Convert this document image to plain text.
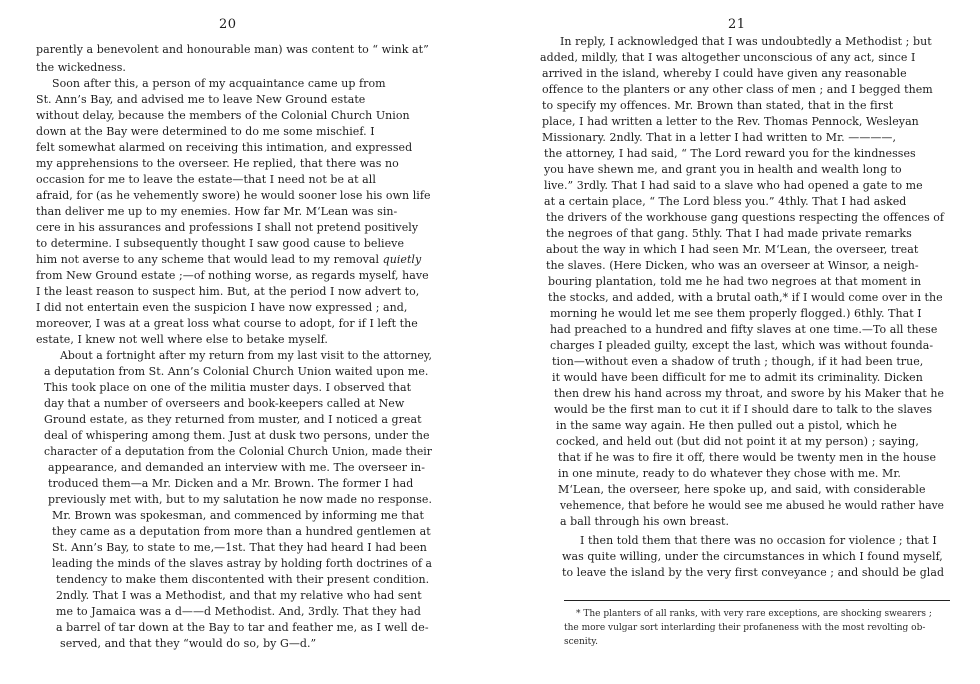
20
parently a benevolent and honourable man) was content to “ wink at”
the wickedness.
Soon after this, a person of my acquaintance came up from
St. Ann’s Bay, and advised me to leave New Ground estate
without delay, because the members of the Colonial Church Union
down at the Bay were determined to do me some mischief. I
felt somewhat alarmed on receiving this intimation, and expressed
my apprehensions to the overseer. He replied, that there was no
occasion for me to leave the estate—that I need not be at all
afraid, for (as he vehemently swore) he would sooner lose his own life
than deliver me up to my enemies. How far Mr. M‘Lean was sin-
cere in his assurances and professions I shall not pretend positively
to determine. I subsequently thought I saw good cause to believe
him not averse to any scheme that would lead to my removal quietly
from New Ground estate ;—of nothing worse, as regards myself, have
I the least reason to suspect him. But, at the period I now advert to,
I did not entertain even the suspicion I have now expressed ; and,
moreover, I was at a great loss what course to adopt, for if I left the
estate, I knew not well where else to betake myself.
About a fortnight after my return from my last visit to the attorney,
a deputation from St. Ann’s Colonial Church Union waited upon me.
This took place on one of the militia muster days. I observed that
day that a number of overseers and book-keepers called at New
Ground estate, as they returned from muster, and I noticed a great
deal of whispering among them. Just at dusk two persons, under the
character of a deputation from the Colonial Church Union, made their
appearance, and demanded an interview with me. The overseer in-
troduced them—a Mr. Dicken and a Mr. Brown. The former I had
previously met with, but to my salutation he now made no response.
Mr. Brown was spokesman, and commenced by informing me that
they came as a deputation from more than a hundred gentlemen at
St. Ann’s Bay, to state to me,—1st. That they had heard I had been
leading the minds of the slaves astray by holding forth doctrines of a
tendency to make them discontented with their present condition.
2ndly. That I was a Methodist, and that my relative who had sent
me to Jamaica was a d——d Methodist. And, 3rdly. That they had
a barrel of tar down at the Bay to tar and feather me, as I well de-
served, and that they “would do so, by G—d.”
21
In reply, I acknowledged that I was undoubtedly a Methodist ; but
added, mildly, that I was altogether unconscious of any act, since I
arrived in the island, whereby I could have given any reasonable
offence to the planters or any other class of men ; and I begged them
to specify my offences. Mr. Brown than stated, that in the first
place, I had written a letter to the Rev. Thomas Pennock, Wesleyan
Missionary. 2ndly. That in a letter I had written to Mr. ————,
the attorney, I had said, “ The Lord reward you for the kindnesses
you have shewn me, and grant you in health and wealth long to
live.” 3rdly. That I had said to a slave who had opened a gate to me
at a certain place, “ The Lord bless you.” 4thly. That I had asked
the drivers of the workhouse gang questions respecting the offences of
the negroes of that gang. 5thly. That I had made private remarks
about the way in which I had seen Mr. M‘Lean, the overseer, treat
the slaves. (Here Dicken, who was an overseer at Winsor, a neigh-
bouring plantation, told me he had two negroes at that moment in
the stocks, and added, with a brutal oath,* if I would come over in the
morning he would let me see them properly flogged.) 6thly. That I
had preached to a hundred and fifty slaves at one time.—To all these
charges I pleaded guilty, except the last, which was without founda-
tion—without even a shadow of truth ; though, if it had been true,
it would have been difficult for me to admit its criminality. Dicken
then drew his hand across my throat, and swore by his Maker that he
would be the first man to cut it if I should dare to talk to the slaves
in the same way again. He then pulled out a pistol, which he
cocked, and held out (but did not point it at my person) ; saying,
that if he was to fire it off, there would be twenty men in the house
in one minute, ready to do whatever they chose with me. Mr.
M‘Lean, the overseer, here spoke up, and said, with considerable
vehemence, that before he would see me abused he would rather have
a ball through his own breast.
I then told them that there was no occasion for violence ; that I
was quite willing, under the circumstances in which I found myself,
to leave the island by the very first conveyance ; and should be glad
* The planters of all ranks, with very rare exceptions, are shocking swearers ;
the more vulgar sort interlarding their profaneness with the most revolting ob-
scenity.
